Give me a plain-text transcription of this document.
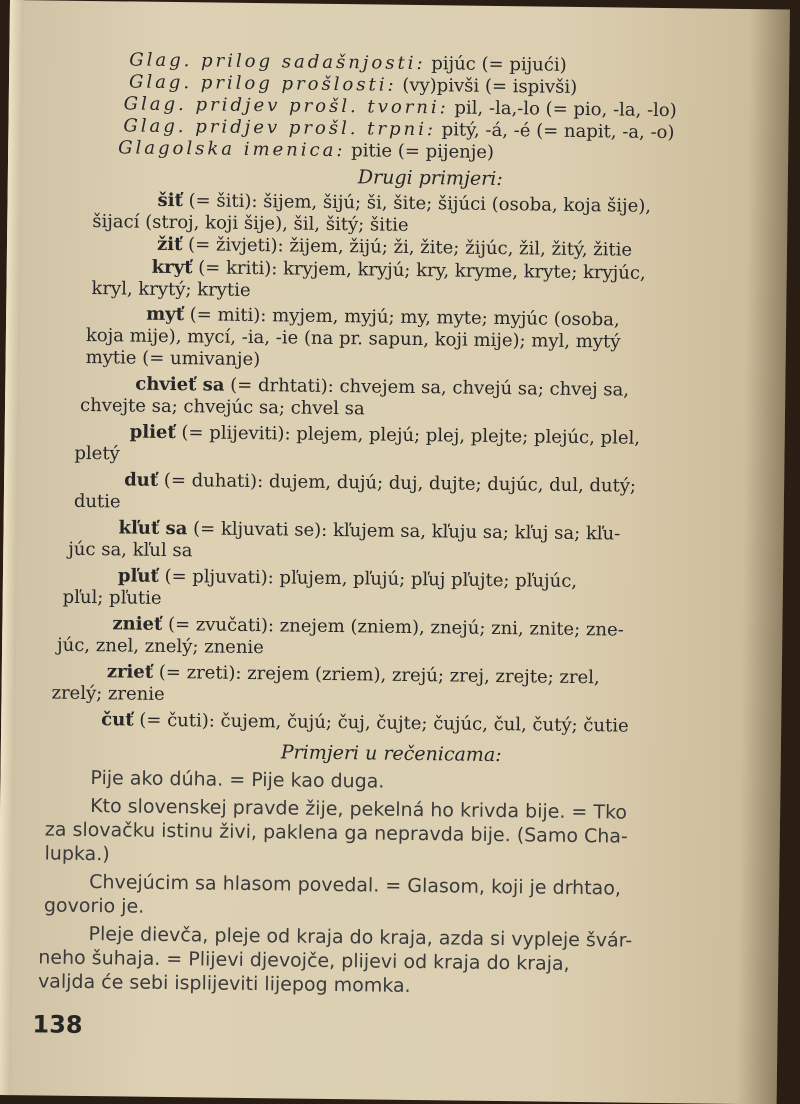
Glag. prilog sadašnjosti: pijúc (= pijući)
Glag. prilog prošlosti: (vy)pivši (= ispivši)
Glag. pridjev prošl. tvorni: pil, -la,-lo (= pio, -la, -lo)
Glag. pridjev prošl. trpni: pitý, -á, -é (= napit, -a, -o)
Glagolska imenica: pitie (= pijenje)
Drugi primjeri:
šiť (= šiti): šijem, šijú; ši, šite; šijúci (osoba, koja šije),
šijací (stroj, koji šije), šil, šitý; šitie
žiť (= živjeti): žijem, žijú; ži, žite; žijúc, žil, žitý, žitie
kryť (= kriti): kryjem, kryjú; kry, kryme, kryte; kryjúc,
kryl, krytý; krytie
myť (= miti): myjem, myjú; my, myte; myjúc (osoba,
koja mije), mycí, -ia, -ie (na pr. sapun, koji mije); myl, mytý
mytie (= umivanje)
chvieť sa (= drhtati): chvejem sa, chvejú sa; chvej sa,
chvejte sa; chvejúc sa; chvel sa
plieť (= plijeviti): plejem, plejú; plej, plejte; plejúc, plel,
pletý
duť (= duhati): dujem, dujú; duj, dujte; dujúc, dul, dutý;
dutie
kľuť sa (= kljuvati se): kľujem sa, kľuju sa; kľuj sa; kľu-
júc sa, kľul sa
pľuť (= pljuvati): pľujem, pľujú; pľuj pľujte; pľujúc,
pľul; pľutie
znieť (= zvučati): znejem (zniem), znejú; zni, znite; zne-
júc, znel, znelý; znenie
zrieť (= zreti): zrejem (zriem), zrejú; zrej, zrejte; zrel,
zrelý; zrenie
čuť (= čuti): čujem, čujú; čuj, čujte; čujúc, čul, čutý; čutie
Primjeri u rečenicama:
Pije ako dúha. = Pije kao duga.
Kto slovenskej pravde žije, pekelná ho krivda bije. = Tko
za slovačku istinu živi, paklena ga nepravda bije. (Samo Cha-
lupka.)
Chvejúcim sa hlasom povedal. = Glasom, koji je drhtao,
govorio je.
Pleje dievča, pleje od kraja do kraja, azda si vypleje švár-
neho šuhaja. = Plijevi djevojče, plijevi od kraja do kraja,
valjda će sebi isplijeviti lijepog momka.
138
